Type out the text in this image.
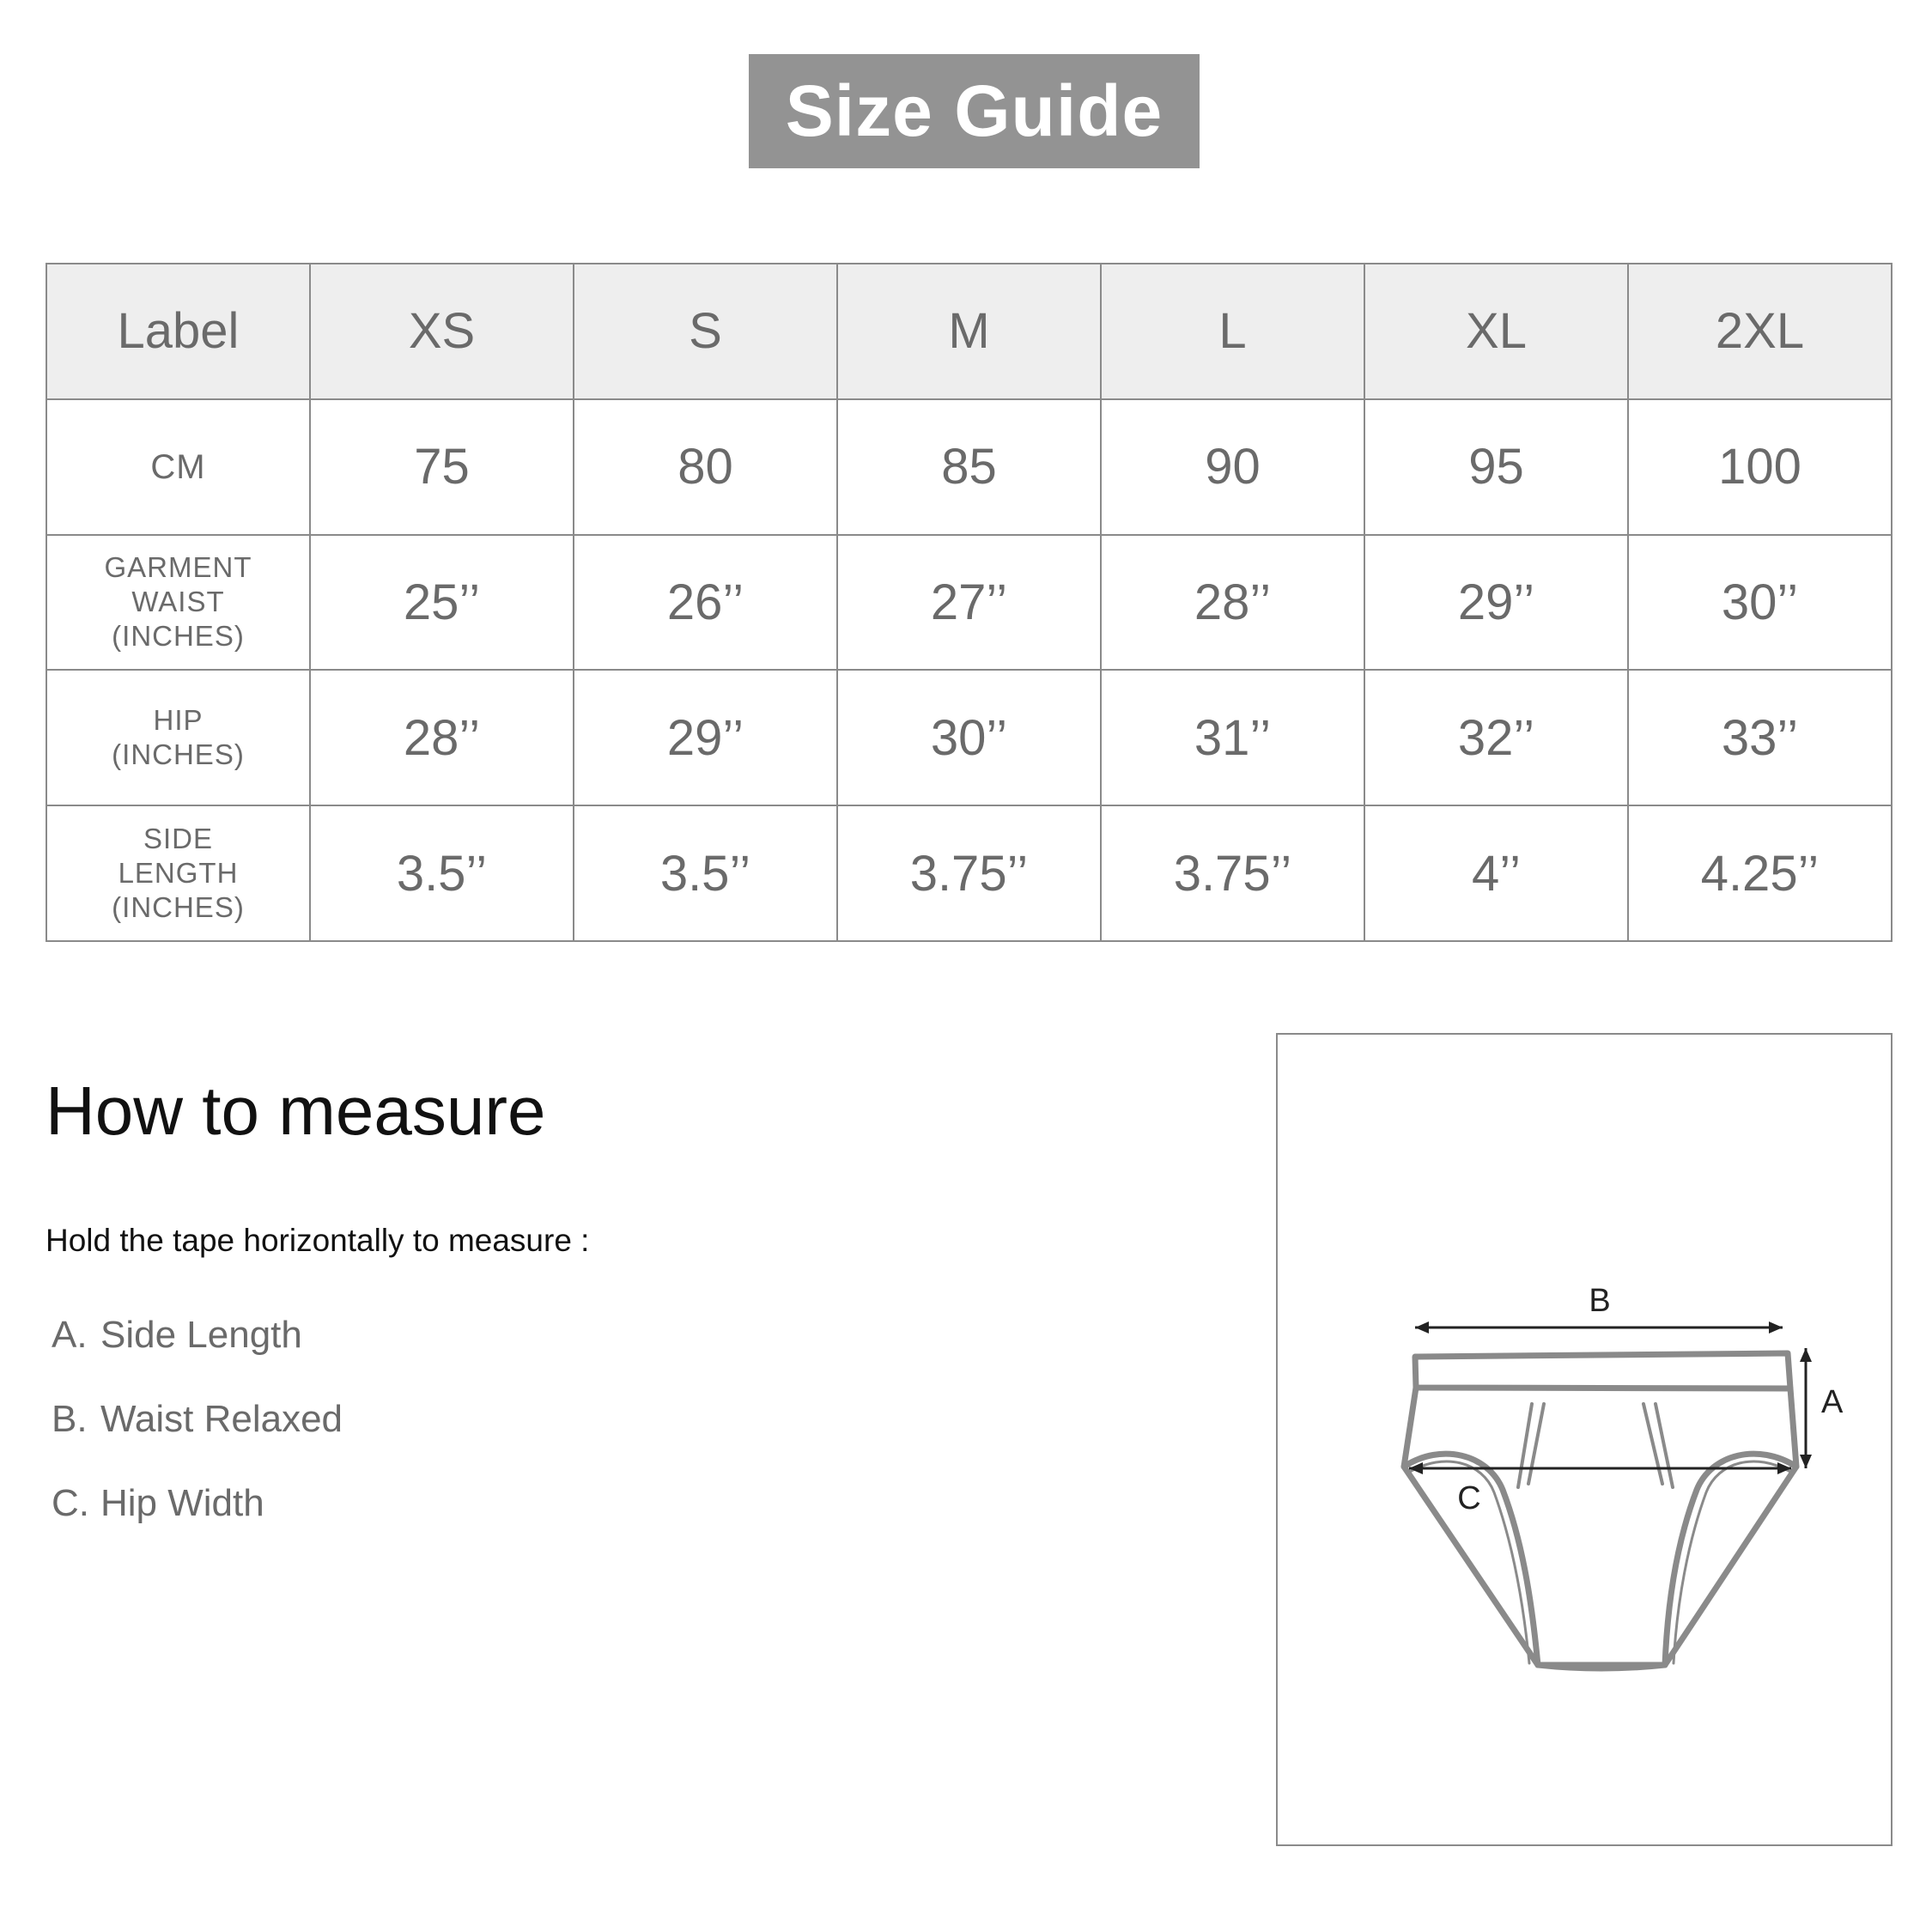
Size Guide
Label	XS	S	M	L	XL	2XL

CM	75	80	85	90	95	100

GARMENT
WAIST
(INCHES)	25’’	26’’	27’’	28’’	29’’	30’’

HIP
(INCHES)	28’’	29’’	30’’	31’’	32’’	33’’

SIDE
LENGTH
(INCHES)	3.5’’	3.5’’	3.75’’	3.75’’	4’’	4.25’’
How to measure
Hold the tape horizontally to measure :
A. Side Length
B. Waist Relaxed
C. Hip Width
B
A
C
